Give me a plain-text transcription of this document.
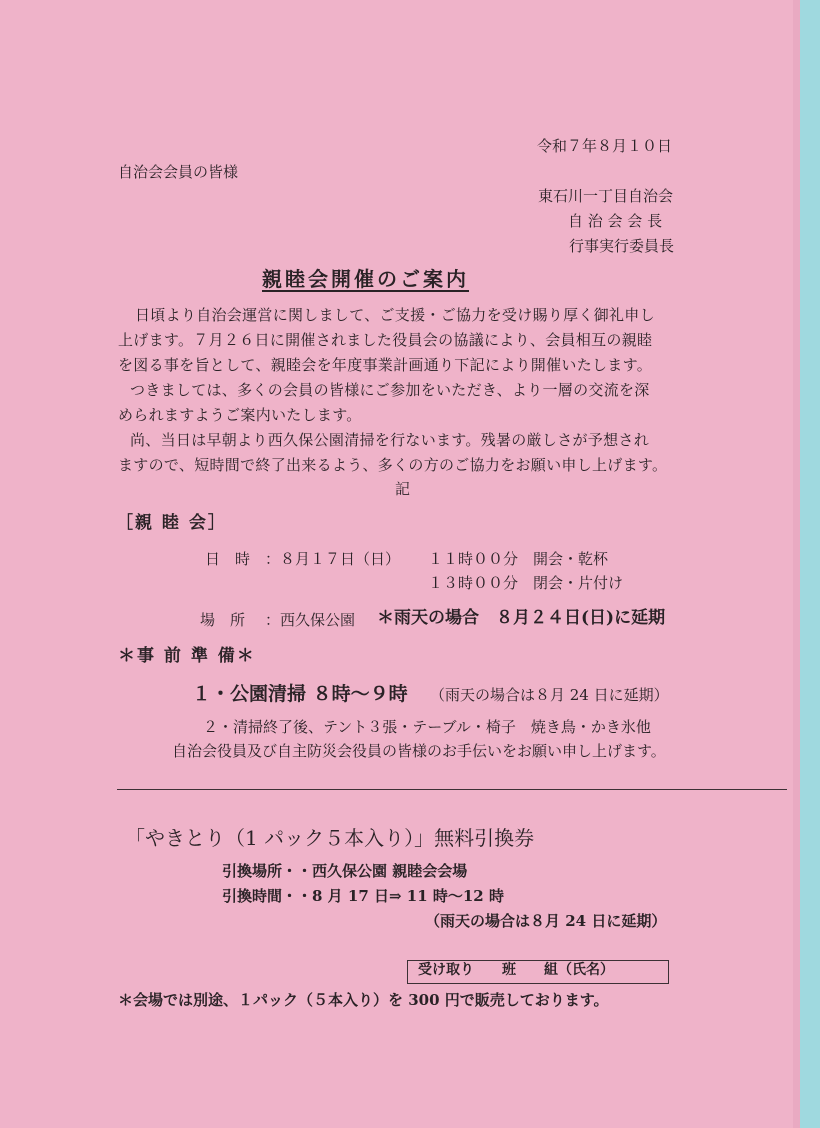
令和７年８月１０日
自治会会員の皆様
東石川一丁目自治会
自 治 会 会 長
行事実行委員長
親睦会開催のご案内
日頃より自治会運営に関しまして、ご支援・ご協力を受け賜り厚く御礼申し
上げます。７月２６日に開催されました役員会の協議により、会員相互の親睦
を図る事を旨として、親睦会を年度事業計画通り下記により開催いたします。
つきましては、多くの会員の皆様にご参加をいただき、より一層の交流を深
められますようご案内いたします。
尚、当日は早朝より西久保公園清掃を行ないます。残暑の厳しさが予想され
ますので、短時間で終了出来るよう、多くの方のご協力をお願い申し上げます。
記
［親 睦 会］
日　時 ：８月１７日（日） １１時００分　開会・乾杯
１３時００分　閉会・片付け
場　所 ：西久保公園 ＊雨天の場合　８月２４日(日)に延期
＊事 前 準 備＊
１・公園清掃 ８時～９時 （雨天の場合は８月 24 日に延期）
２・清掃終了後、テント３張・テーブル・椅子　焼き鳥・かき氷他
自治会役員及び自主防災会役員の皆様のお手伝いをお願い申し上げます。
「やきとり（1 パック５本入り）」無料引換券
引換場所・・西久保公園 親睦会会場
引換時間・・8 月 17 日⇒ 11 時～12 時
（雨天の場合は８月 24 日に延期）
受け取り　　班　　組（氏名）
＊会場では別途、１パック（５本入り）を 300 円で販売しております。
